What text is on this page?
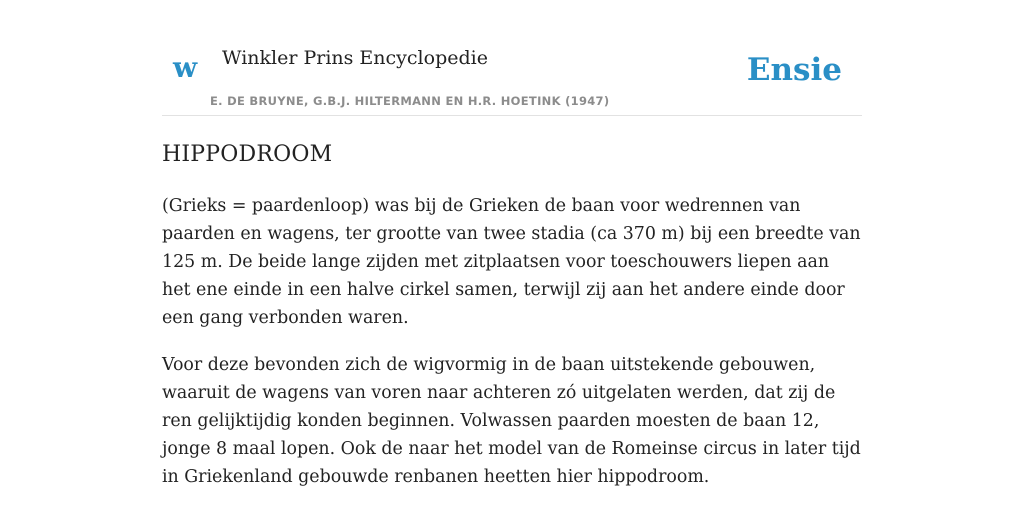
w Winkler Prins Encyclopedie
E. DE BRUYNE, G.B.J. HILTERMANN EN H.R. HOETINK (1947)
Ensie
HIPPODROOM

(Grieks = paardenloop) was bij de Grieken de baan voor wedrennen van paarden en wagens, ter grootte van twee stadia (ca 370 m) bij een breedte van 125 m. De beide lange zijden met zitplaatsen voor toeschouwers liepen aan het ene einde in een halve cirkel samen, terwijl zij aan het andere einde door een gang verbonden waren.

Voor deze bevonden zich de wigvormig in de baan uitstekende gebouwen, waaruit de wagens van voren naar achteren zó uitgelaten werden, dat zij de ren gelijktijdig konden beginnen. Volwassen paarden moesten de baan 12, jonge 8 maal lopen. Ook de naar het model van de Romeinse circus in later tijd in Griekenland gebouwde renbanen heetten hier hippodroom.
